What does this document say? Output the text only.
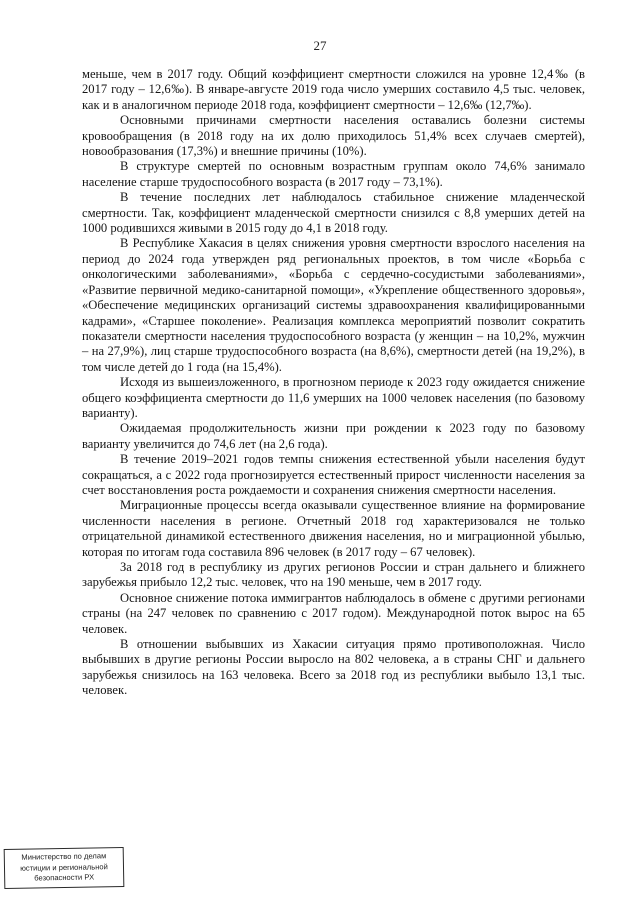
27

меньше, чем в 2017 году. Общий коэффициент смертности сложился на уровне 12,4‰ (в 2017 году – 12,6‰). В январе-августе 2019 года число умерших составило 4,5 тыс. человек, как и в аналогичном периоде 2018 года, коэффициент смертности – 12,6‰ (12,7‰).

Основными причинами смертности населения оставались болезни системы кровообращения (в 2018 году на их долю приходилось 51,4% всех случаев смертей), новообразования (17,3%) и внешние причины (10%).

В структуре смертей по основным возрастным группам около 74,6% занимало население старше трудоспособного возраста (в 2017 году – 73,1%).

В течение последних лет наблюдалось стабильное снижение младенческой смертности. Так, коэффициент младенческой смертности снизился с 8,8 умерших детей на 1000 родившихся живыми в 2015 году до 4,1 в 2018 году.

В Республике Хакасия в целях снижения уровня смертности взрослого населения на период до 2024 года утвержден ряд региональных проектов, в том числе «Борьба с онкологическими заболеваниями», «Борьба с сердечно-сосудистыми заболеваниями», «Развитие первичной медико-санитарной помощи», «Укрепление общественного здоровья», «Обеспечение медицинских организаций системы здравоохранения квалифицированными кадрами», «Старшее поколение». Реализация комплекса мероприятий позволит сократить показатели смертности населения трудоспособного возраста (у женщин – на 10,2%, мужчин – на 27,9%), лиц старше трудоспособного возраста (на 8,6%), смертности детей (на 19,2%), в том числе детей до 1 года (на 15,4%).

Исходя из вышеизложенного, в прогнозном периоде к 2023 году ожидается снижение общего коэффициента смертности до 11,6 умерших на 1000 человек населения (по базовому варианту).

Ожидаемая продолжительность жизни при рождении к 2023 году по базовому варианту увеличится до 74,6 лет (на 2,6 года).

В течение 2019–2021 годов темпы снижения естественной убыли населения будут сокращаться, а с 2022 года прогнозируется естественный прирост численности населения за счет восстановления роста рождаемости и сохранения снижения смертности населения.

Миграционные процессы всегда оказывали существенное влияние на формирование численности населения в регионе. Отчетный 2018 год характеризовался не только отрицательной динамикой естественного движения населения, но и миграционной убылью, которая по итогам года составила 896 человек (в 2017 году – 67 человек).

За 2018 год в республику из других регионов России и стран дальнего и ближнего зарубежья прибыло 12,2 тыс. человек, что на 190 меньше, чем в 2017 году.

Основное снижение потока иммигрантов наблюдалось в обмене с другими регионами страны (на 247 человек по сравнению с 2017 годом). Международной поток вырос на 65 человек.

В отношении выбывших из Хакасии ситуация прямо противоположная. Число выбывших в другие регионы России выросло на 802 человека, а в страны СНГ и дальнего зарубежья снизилось на 163 человека. Всего за 2018 год из республики выбыло 13,1 тыс. человек.

Министерство по делам
юстиции и региональной
безопасности РХ
